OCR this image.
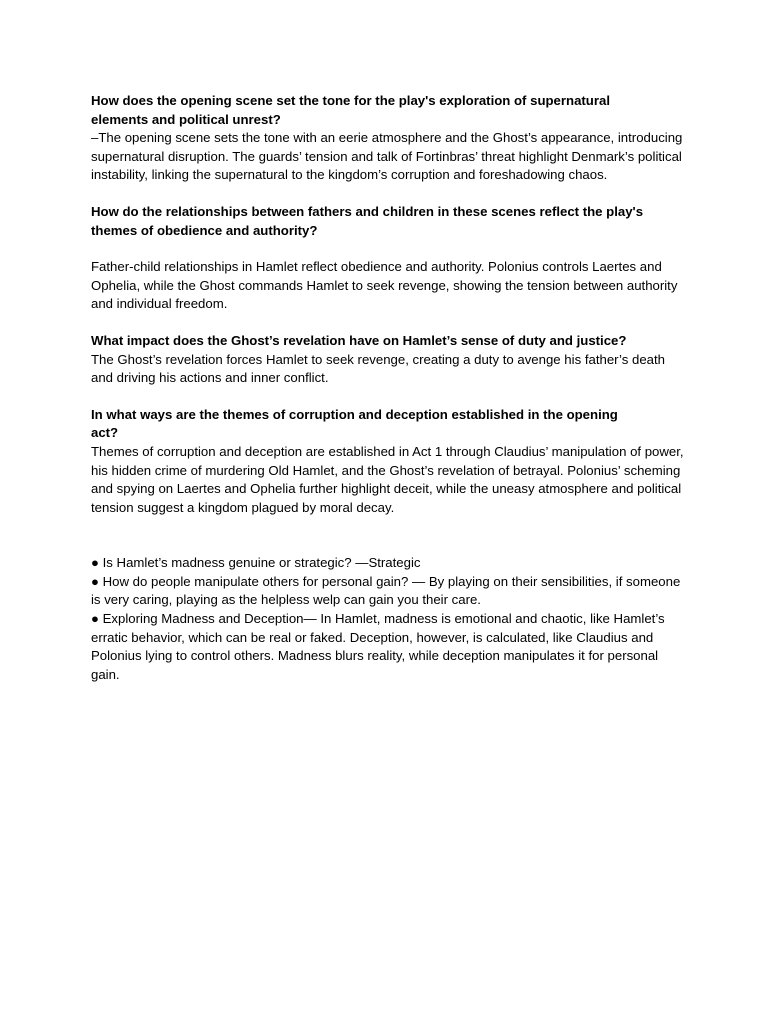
How does the opening scene set the tone for the play's exploration of supernatural elements and political unrest?

–The opening scene sets the tone with an eerie atmosphere and the Ghost’s appearance, introducing supernatural disruption. The guards’ tension and talk of Fortinbras’ threat highlight Denmark’s political instability, linking the supernatural to the kingdom’s corruption and foreshadowing chaos.

How do the relationships between fathers and children in these scenes reflect the play's themes of obedience and authority?

Father-child relationships in Hamlet reflect obedience and authority. Polonius controls Laertes and Ophelia, while the Ghost commands Hamlet to seek revenge, showing the tension between authority and individual freedom.

What impact does the Ghost’s revelation have on Hamlet’s sense of duty and justice?

The Ghost’s revelation forces Hamlet to seek revenge, creating a duty to avenge his father’s death and driving his actions and inner conflict.

In what ways are the themes of corruption and deception established in the opening act?

Themes of corruption and deception are established in Act 1 through Claudius’ manipulation of power, his hidden crime of murdering Old Hamlet, and the Ghost’s revelation of betrayal. Polonius’ scheming and spying on Laertes and Ophelia further highlight deceit, while the uneasy atmosphere and political tension suggest a kingdom plagued by moral decay.

● Is Hamlet’s madness genuine or strategic? —Strategic

● How do people manipulate others for personal gain? — By playing on their sensibilities, if someone is very caring, playing as the helpless welp can gain you their care.

● Exploring Madness and Deception— In Hamlet, madness is emotional and chaotic, like Hamlet’s erratic behavior, which can be real or faked. Deception, however, is calculated, like Claudius and Polonius lying to control others. Madness blurs reality, while deception manipulates it for personal gain.
